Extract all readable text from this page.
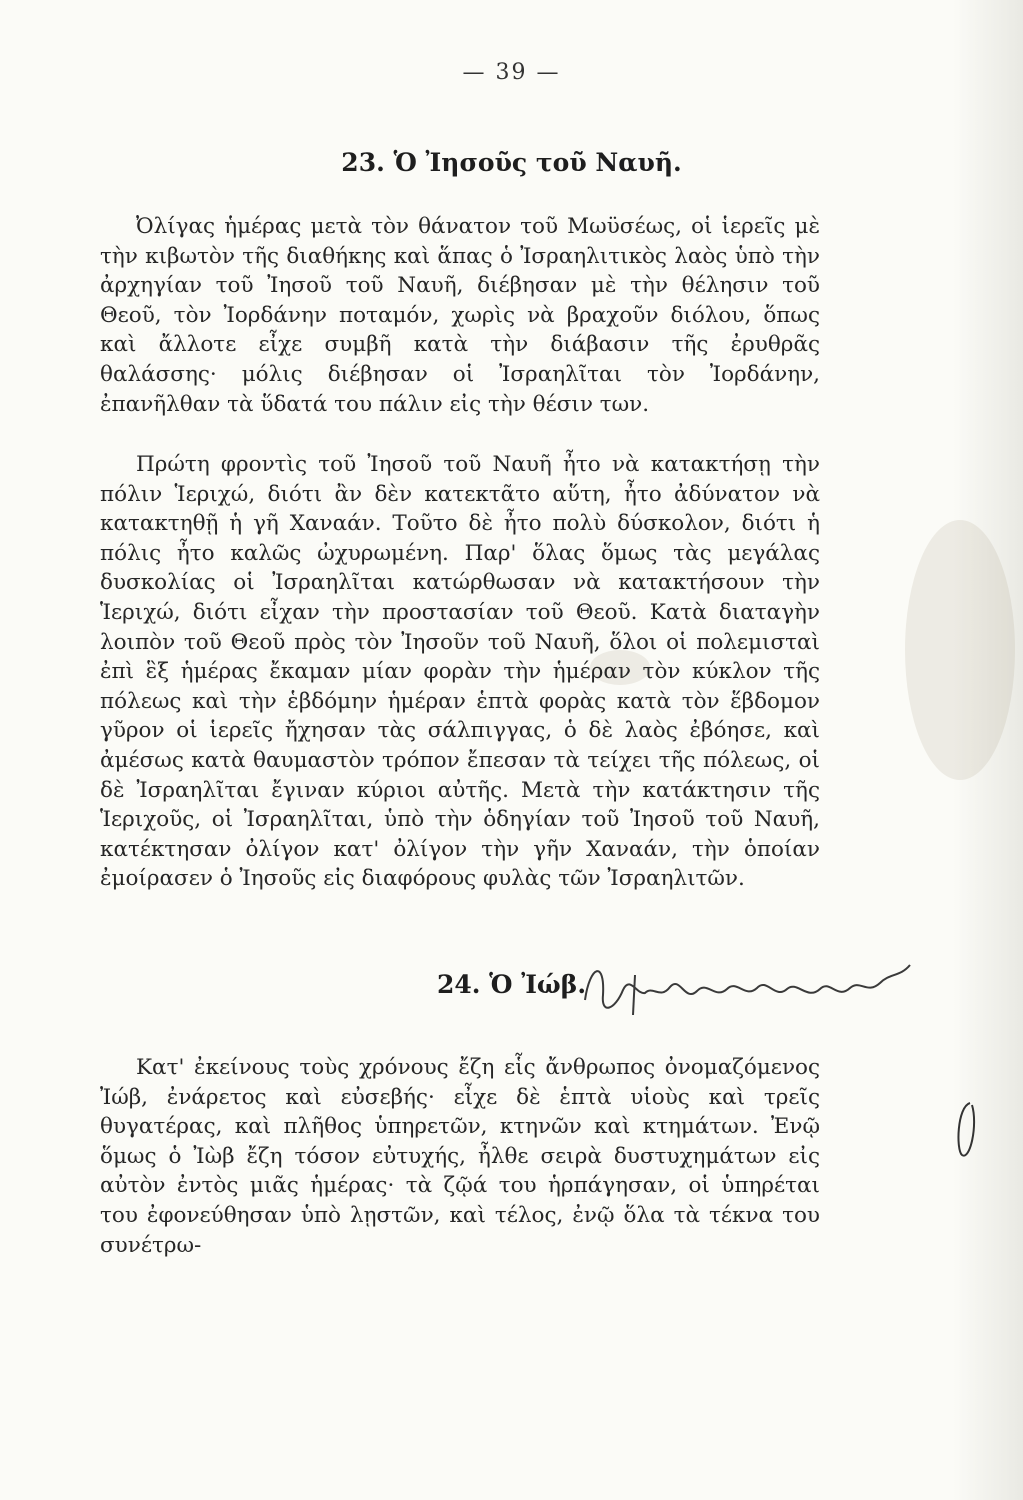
— 39 —
23. Ὁ Ἰησοῦς τοῦ Ναυῆ.

Ὀλίγας ἡμέρας μετὰ τὸν θάνατον τοῦ Μωϋσέως, οἱ ἱερεῖς μὲ τὴν κιβωτὸν τῆς διαθήκης καὶ ἅπας ὁ Ἰσραηλιτικὸς λαὸς ὑπὸ τὴν ἀρχηγίαν τοῦ Ἰησοῦ τοῦ Ναυῆ, διέβησαν μὲ τὴν θέλησιν τοῦ Θεοῦ, τὸν Ἰορδάνην ποταμόν, χωρὶς νὰ βραχοῦν διόλου, ὅπως καὶ ἄλλοτε εἶχε συμβῆ κατὰ τὴν διάβασιν τῆς ἐρυθρᾶς θαλάσσης· μόλις διέβησαν οἱ Ἰσραηλῖται τὸν Ἰορδάνην, ἐπανῆλθαν τὰ ὕδατά του πάλιν εἰς τὴν θέσιν των.

Πρώτη φροντὶς τοῦ Ἰησοῦ τοῦ Ναυῆ ἦτο νὰ κατακτήσῃ τὴν πόλιν Ἱεριχώ, διότι ἂν δὲν κατεκτᾶτο αὕτη, ἦτο ἀδύνατον νὰ κατακτηθῇ ἡ γῆ Χαναάν. Τοῦτο δὲ ἦτο πολὺ δύσκολον, διότι ἡ πόλις ἦτο καλῶς ὠχυρωμένη. Παρ' ὅλας ὅμως τὰς μεγάλας δυσκολίας οἱ Ἰσραηλῖται κατώρθωσαν νὰ κατακτήσουν τὴν Ἱεριχώ, διότι εἶχαν τὴν προστασίαν τοῦ Θεοῦ. Κατὰ διαταγὴν λοιπὸν τοῦ Θεοῦ πρὸς τὸν Ἰησοῦν τοῦ Ναυῆ, ὅλοι οἱ πολεμισταὶ ἐπὶ ἓξ ἡμέρας ἔκαμαν μίαν φορὰν τὴν ἡμέραν τὸν κύκλον τῆς πόλεως καὶ τὴν ἑβδόμην ἡμέραν ἑπτὰ φορὰς κατὰ τὸν ἕβδομον γῦρον οἱ ἱερεῖς ἤχησαν τὰς σάλπιγγας, ὁ δὲ λαὸς ἐβόησε, καὶ ἀμέσως κατὰ θαυμαστὸν τρόπον ἔπεσαν τὰ τείχει τῆς πόλεως, οἱ δὲ Ἰσραηλῖται ἔγιναν κύριοι αὐτῆς. Μετὰ τὴν κατάκτησιν τῆς Ἱεριχοῦς, οἱ Ἰσραηλῖται, ὑπὸ τὴν ὁδηγίαν τοῦ Ἰησοῦ τοῦ Ναυῆ, κατέκτησαν ὀλίγον κατ' ὀλίγον τὴν γῆν Χαναάν, τὴν ὁποίαν ἐμοίρασεν ὁ Ἰησοῦς εἰς διαφόρους φυλὰς τῶν Ἰσραηλιτῶν.

24. Ὁ Ἰώβ.

Κατ' ἐκείνους τοὺς χρόνους ἔζη εἷς ἄνθρωπος ὀνομαζόμενος Ἰώβ, ἐνάρετος καὶ εὐσεβής· εἶχε δὲ ἑπτὰ υἱοὺς καὶ τρεῖς θυγατέρας, καὶ πλῆθος ὑπηρετῶν, κτηνῶν καὶ κτημάτων. Ἐνῷ ὅμως ὁ Ἰὼβ ἔζη τόσον εὐτυχής, ἦλθε σειρὰ δυστυχημάτων εἰς αὐτὸν ἐντὸς μιᾶς ἡμέρας· τὰ ζῷά του ἡρπάγησαν, οἱ ὑπηρέται του ἐφονεύθησαν ὑπὸ λῃστῶν, καὶ τέλος, ἐνῷ ὅλα τὰ τέκνα του συνέτρω-
